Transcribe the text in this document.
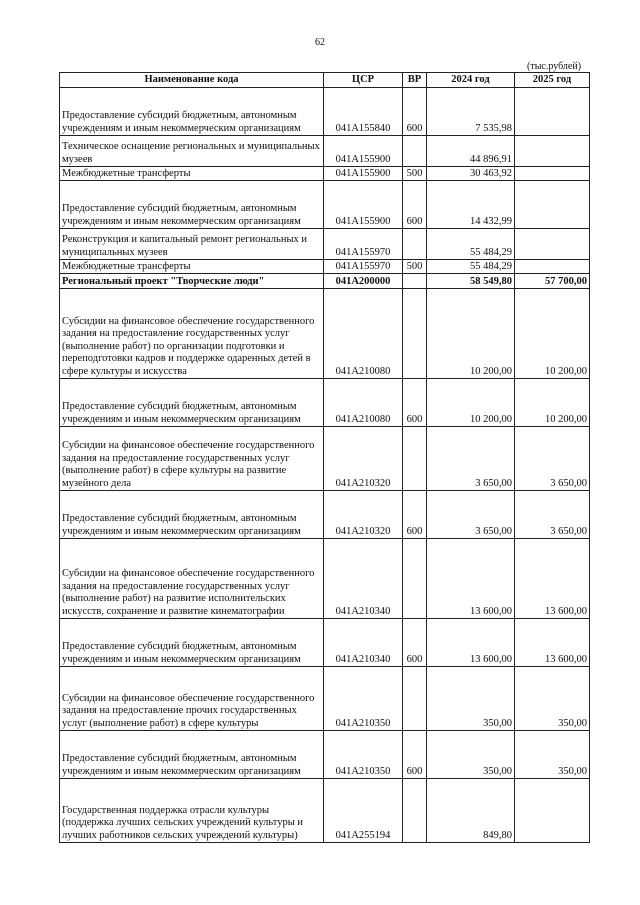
62
(тыс.рублей)
Наименование кода	ЦСР	ВР	2024 год	2025 год
Предоставление субсидий бюджетным, автономным учреждениям и иным некоммерческим организациям	041A155840	600	7 535,98	
Техническое оснащение региональных и муниципальных музеев	041A155900		44 896,91	
Межбюджетные трансферты	041A155900	500	30 463,92	
Предоставление субсидий бюджетным, автономным учреждениям и иным некоммерческим организациям	041A155900	600	14 432,99	
Реконструкция и капитальный ремонт региональных и муниципальных музеев	041A155970		55 484,29	
Межбюджетные трансферты	041A155970	500	55 484,29	
Региональный проект "Творческие люди"	041A200000		58 549,80	57 700,00
Субсидии на финансовое обеспечение государственного задания на предоставление государственных услуг (выполнение работ) по организации подготовки и переподготовки кадров и поддержке одаренных детей в сфере культуры и искусства	041A210080		10 200,00	10 200,00
Предоставление субсидий бюджетным, автономным учреждениям и иным некоммерческим организациям	041A210080	600	10 200,00	10 200,00
Субсидии на финансовое обеспечение государственного задания на предоставление государственных услуг (выполнение работ) в сфере культуры на развитие музейного дела	041A210320		3 650,00	3 650,00
Предоставление субсидий бюджетным, автономным учреждениям и иным некоммерческим организациям	041A210320	600	3 650,00	3 650,00
Субсидии на финансовое обеспечение государственного задания на предоставление государственных услуг (выполнение работ) на развитие исполнительских искусств, сохранение и развитие кинематографии	041A210340		13 600,00	13 600,00
Предоставление субсидий бюджетным, автономным учреждениям и иным некоммерческим организациям	041A210340	600	13 600,00	13 600,00
Субсидии на финансовое обеспечение государственного задания на предоставление прочих государственных услуг (выполнение работ) в сфере культуры	041A210350		350,00	350,00
Предоставление субсидий бюджетным, автономным учреждениям и иным некоммерческим организациям	041A210350	600	350,00	350,00
Государственная поддержка отрасли культуры (поддержка лучших сельских учреждений культуры и лучших работников сельских учреждений культуры)	041A255194		849,80	
